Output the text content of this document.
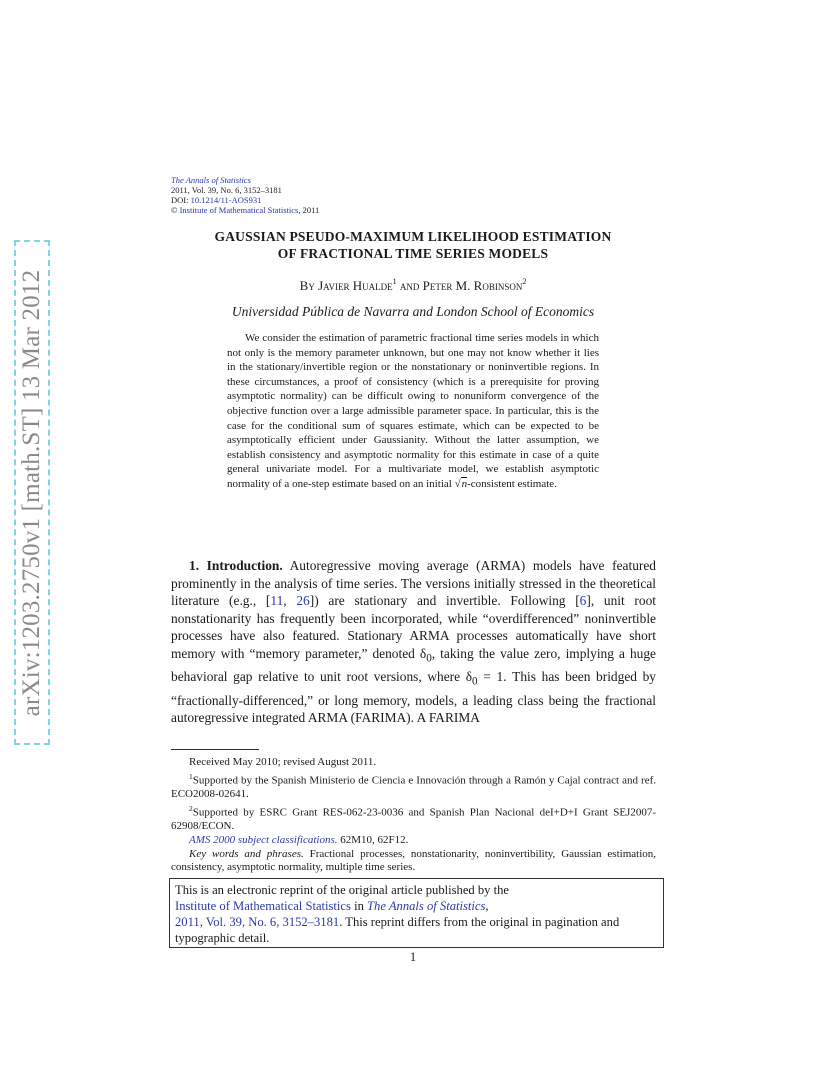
arXiv:1203.2750v1 [math.ST] 13 Mar 2012
The Annals of Statistics
2011, Vol. 39, No. 6, 3152–3181
DOI: 10.1214/11-AOS931
© Institute of Mathematical Statistics, 2011
GAUSSIAN PSEUDO-MAXIMUM LIKELIHOOD ESTIMATION
OF FRACTIONAL TIME SERIES MODELS
By Javier Hualde$^1$ and Peter M. Robinson$^2$
Universidad Pública de Navarra and London School of Economics
We consider the estimation of parametric fractional time series models in which not only is the memory parameter unknown, but one may not know whether it lies in the stationary/invertible region or the nonstationary or noninvertible regions. In these circumstances, a proof of consistency (which is a prerequisite for proving asymptotic normality) can be difficult owing to nonuniform convergence of the objective function over a large admissible parameter space. In particular, this is the case for the conditional sum of squares estimate, which can be expected to be asymptotically efficient under Gaussianity. Without the latter assumption, we establish consistency and asymptotic normality for this estimate in case of a quite general univariate model. For a multivariate model, we establish asymptotic normality of a one-step estimate based on an initial √n-consistent estimate.
1. Introduction. Autoregressive moving average (ARMA) models have featured prominently in the analysis of time series. The versions initially stressed in the theoretical literature (e.g., [11, 26]) are stationary and invertible. Following [6], unit root nonstationarity has frequently been incorporated, while “overdifferenced” noninvertible processes have also featured. Stationary ARMA processes automatically have short memory with “memory parameter,” denoted $\delta_0$, taking the value zero, implying a huge behavioral gap relative to unit root versions, where $\delta_0 = 1$. This has been bridged by “fractionally-differenced,” or long memory, models, a leading class being the fractional autoregressive integrated ARMA (FARIMA). A FARIMA

Received May 2010; revised August 2011.

$^1$Supported by the Spanish Ministerio de Ciencia e Innovación through a Ramón y Cajal contract and ref. ECO2008-02641.

$^2$Supported by ESRC Grant RES-062-23-0036 and Spanish Plan Nacional deI+D+I Grant SEJ2007-62908/ECON.

AMS 2000 subject classifications. 62M10, 62F12.

Key words and phrases. Fractional processes, nonstationarity, noninvertibility, Gaussian estimation, consistency, asymptotic normality, multiple time series.

This is an electronic reprint of the original article published by the
Institute of Mathematical Statistics in The Annals of Statistics,
2011, Vol. 39, No. 6, 3152–3181. This reprint differs from the original in pagination and typographic detail.
1
